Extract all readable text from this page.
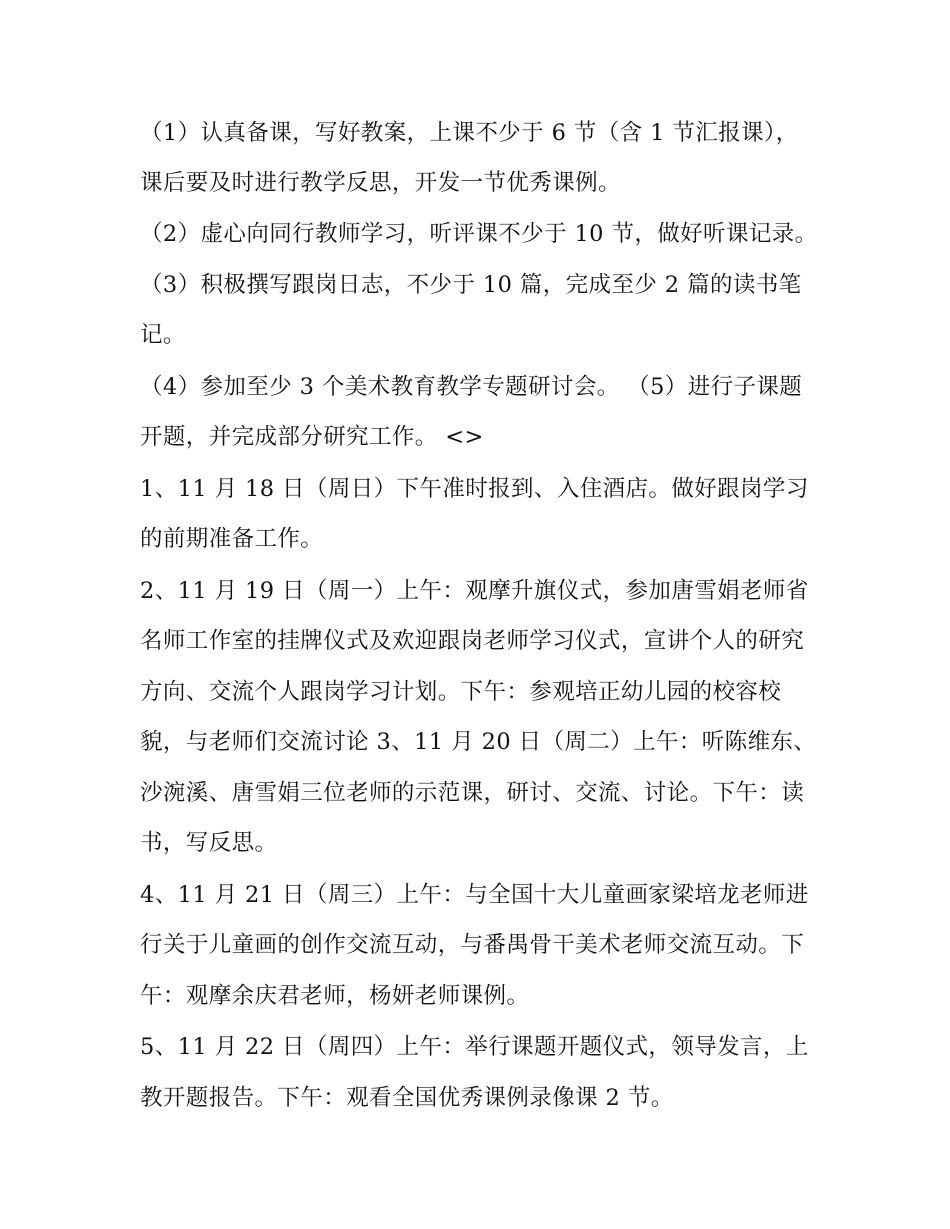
（1）认真备课，写好教案，上课不少于 6 节（含 1 节汇报课），课后要及时进行教学反思，开发一节优秀课例。

（2）虚心向同行教师学习，听评课不少于 10 节，做好听课记录。 （3）积极撰写跟岗日志，不少于 10 篇，完成至少 2 篇的读书笔记。

（4）参加至少 3 个美术教育教学专题研讨会。 （5）进行子课题开题，并完成部分研究工作。 <>

1、11 月 18 日（周日）下午准时报到、入住酒店。做好跟岗学习的前期准备工作。

2、11 月 19 日（周一）上午：观摩升旗仪式，参加唐雪娟老师省名师工作室的挂牌仪式及欢迎跟岗老师学习仪式，宣讲个人的研究方向、交流个人跟岗学习计划。下午：参观培正幼儿园的校容校貌，与老师们交流讨论 3、11 月 20 日（周二）上午：听陈维东、沙涴溪、唐雪娟三位老师的示范课，研讨、交流、讨论。下午：读书，写反思。

4、11 月 21 日（周三）上午：与全国十大儿童画家梁培龙老师进行关于儿童画的创作交流互动，与番禺骨干美术老师交流互动。下午：观摩余庆君老师，杨妍老师课例。

5、11 月 22 日（周四）上午：举行课题开题仪式，领导发言，上教开题报告。下午：观看全国优秀课例录像课 2 节。
